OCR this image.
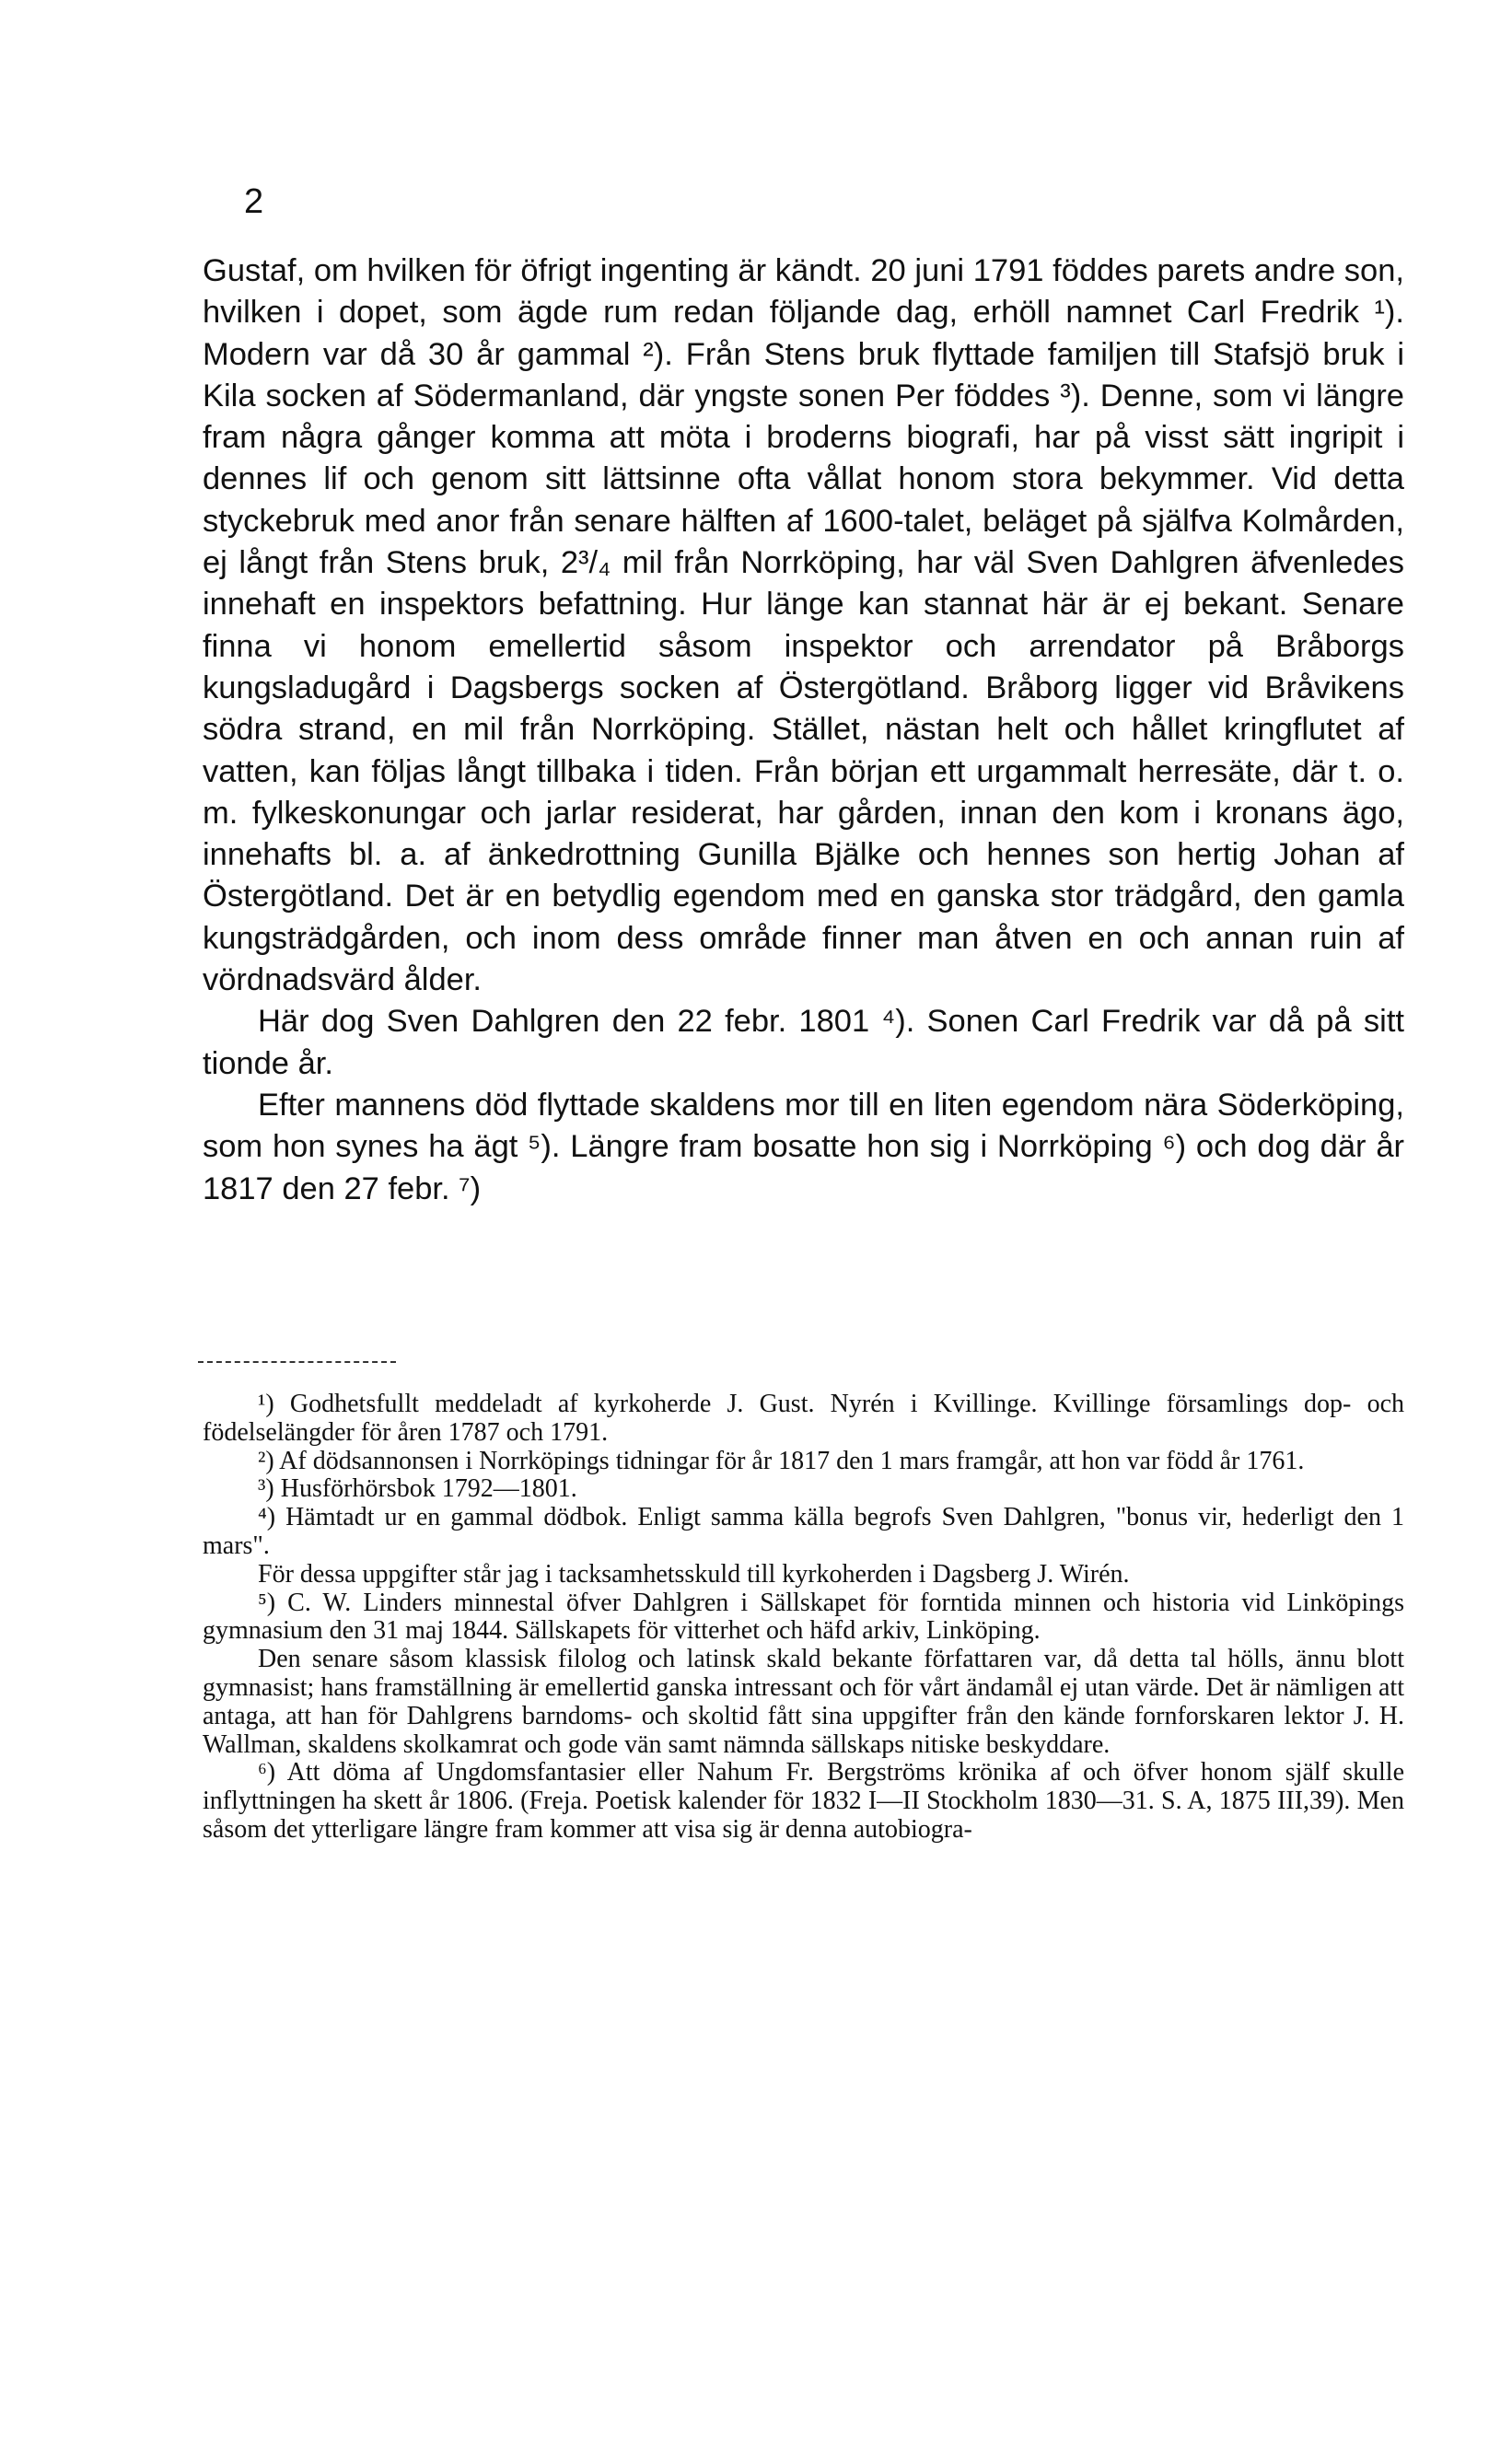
2

Gustaf, om hvilken för öfrigt ingenting är kändt. 20 juni 1791 föddes parets andre son, hvilken i dopet, som ägde rum redan följande dag, erhöll namnet Carl Fredrik ¹). Modern var då 30 år gammal ²). Från Stens bruk flyttade familjen till Stafsjö bruk i Kila socken af Södermanland, där yngste sonen Per föddes ³). Denne, som vi längre fram några gånger komma att möta i broderns biografi, har på visst sätt ingripit i dennes lif och genom sitt lättsinne ofta vållat honom stora bekymmer. Vid detta styckebruk med anor från senare hälften af 1600-talet, beläget på själfva Kolmården, ej långt från Stens bruk, 2³/₄ mil från Norrköping, har väl Sven Dahlgren äfvenledes innehaft en inspektors befattning. Hur länge kan stannat här är ej bekant. Senare finna vi honom emellertid såsom inspektor och arrendator på Bråborgs kungsladugård i Dagsbergs socken af Östergötland. Bråborg ligger vid Bråvikens södra strand, en mil från Norrköping. Stället, nästan helt och hållet kringflutet af vatten, kan följas långt tillbaka i tiden. Från början ett urgammalt herresäte, där t. o. m. fylkeskonungar och jarlar residerat, har gården, innan den kom i kronans ägo, innehafts bl. a. af änkedrottning Gunilla Bjälke och hennes son hertig Johan af Östergötland. Det är en betydlig egendom med en ganska stor trädgård, den gamla kungsträdgården, och inom dess område finner man åtven en och annan ruin af vördnadsvärd ålder.

Här dog Sven Dahlgren den 22 febr. 1801 ⁴). Sonen Carl Fredrik var då på sitt tionde år.

Efter mannens död flyttade skaldens mor till en liten egendom nära Söderköping, som hon synes ha ägt ⁵). Längre fram bosatte hon sig i Norrköping ⁶) och dog där år 1817 den 27 febr. ⁷)

¹) Godhetsfullt meddeladt af kyrkoherde J. Gust. Nyrén i Kvillinge. Kvillinge församlings dop- och födelselängder för åren 1787 och 1791.

²) Af dödsannonsen i Norrköpings tidningar för år 1817 den 1 mars framgår, att hon var född år 1761.

³) Husförhörsbok 1792—1801.

⁴) Hämtadt ur en gammal dödbok. Enligt samma källa begrofs Sven Dahlgren, "bonus vir, hederligt den 1 mars".

För dessa uppgifter står jag i tacksamhetsskuld till kyrkoherden i Dagsberg J. Wirén.

⁵) C. W. Linders minnestal öfver Dahlgren i Sällskapet för forntida minnen och historia vid Linköpings gymnasium den 31 maj 1844. Sällskapets för vitterhet och häfd arkiv, Linköping.

Den senare såsom klassisk filolog och latinsk skald bekante författaren var, då detta tal hölls, ännu blott gymnasist; hans framställning är emellertid ganska intressant och för vårt ändamål ej utan värde. Det är nämligen att antaga, att han för Dahlgrens barndoms- och skoltid fått sina uppgifter från den kände fornforskaren lektor J. H. Wallman, skaldens skolkamrat och gode vän samt nämnda sällskaps nitiske beskyddare.

⁶) Att döma af Ungdomsfantasier eller Nahum Fr. Bergströms krönika af och öfver honom själf skulle inflyttningen ha skett år 1806. (Freja. Poetisk kalender för 1832 I—II Stockholm 1830—31. S. A, 1875 III,39). Men såsom det ytterligare längre fram kommer att visa sig är denna autobiogra-
